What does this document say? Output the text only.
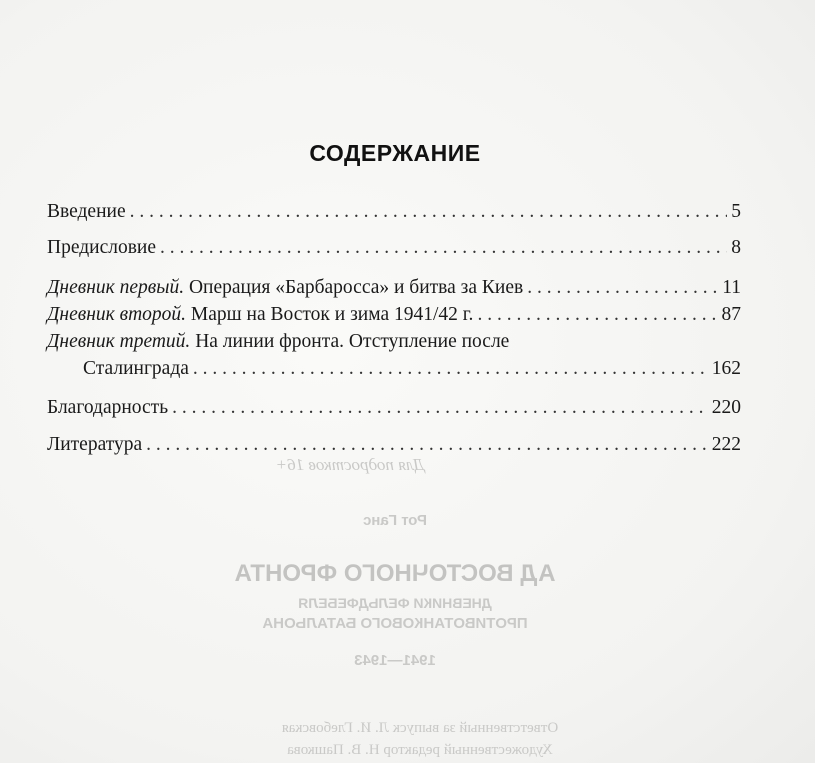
СОДЕРЖАНИЕ
Введение . . .	5
Предисловие . . .	8
Дневник первый. Операция «Барбаросса» и битва за Киев . . .	11
Дневник второй. Марш на Восток и зима 1941/42 г. . . .	87
Дневник третий. На линии фронта. Отступление после
Сталинграда . . .	162
Благодарность . . .	220
Литература . . .	222
Для подростков 16+
Рот Ганс
АД ВОСТОЧНОГО ФРОНТА
ДНЕВНИКИ ФЕЛЬДФЕБЕЛЯ
ПРОТИВОТАНКОВОГО БАТАЛЬОНА
1941—1943
Ответственный за выпуск Л. И. Глебовская
Художественный редактор Н. В. Пашкова
